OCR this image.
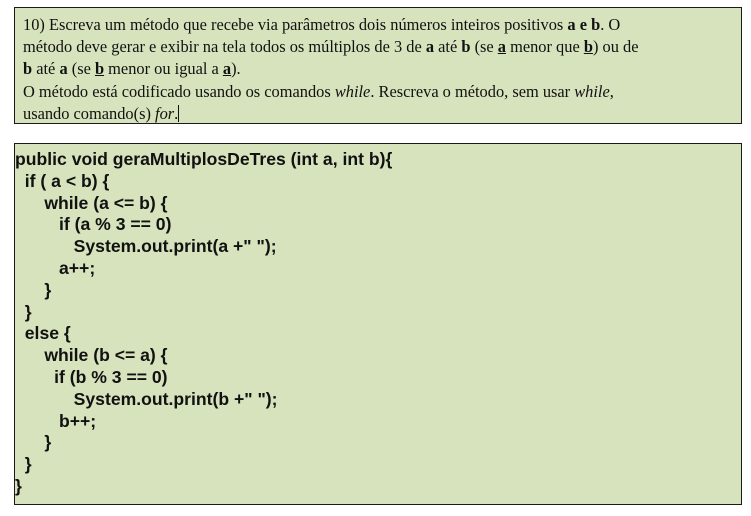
10) Escreva um método que recebe via parâmetros dois números inteiros positivos a e b. O

método deve gerar e exibir na tela todos os múltiplos de 3 de a até b (se a menor que b) ou de

b até a (se b menor ou igual a a).

O método está codificado usando os comandos while. Rescreva o método, sem usar while,

usando comando(s) for.

public void geraMultiplosDeTres (int a, int b){

if ( a < b) {

while (a <= b) {

if (a % 3 == 0)

System.out.print(a +" ");

a++;

}

}

else {

while (b <= a) {

if (b % 3 == 0)

System.out.print(b +" ");

b++;

}

}

}
